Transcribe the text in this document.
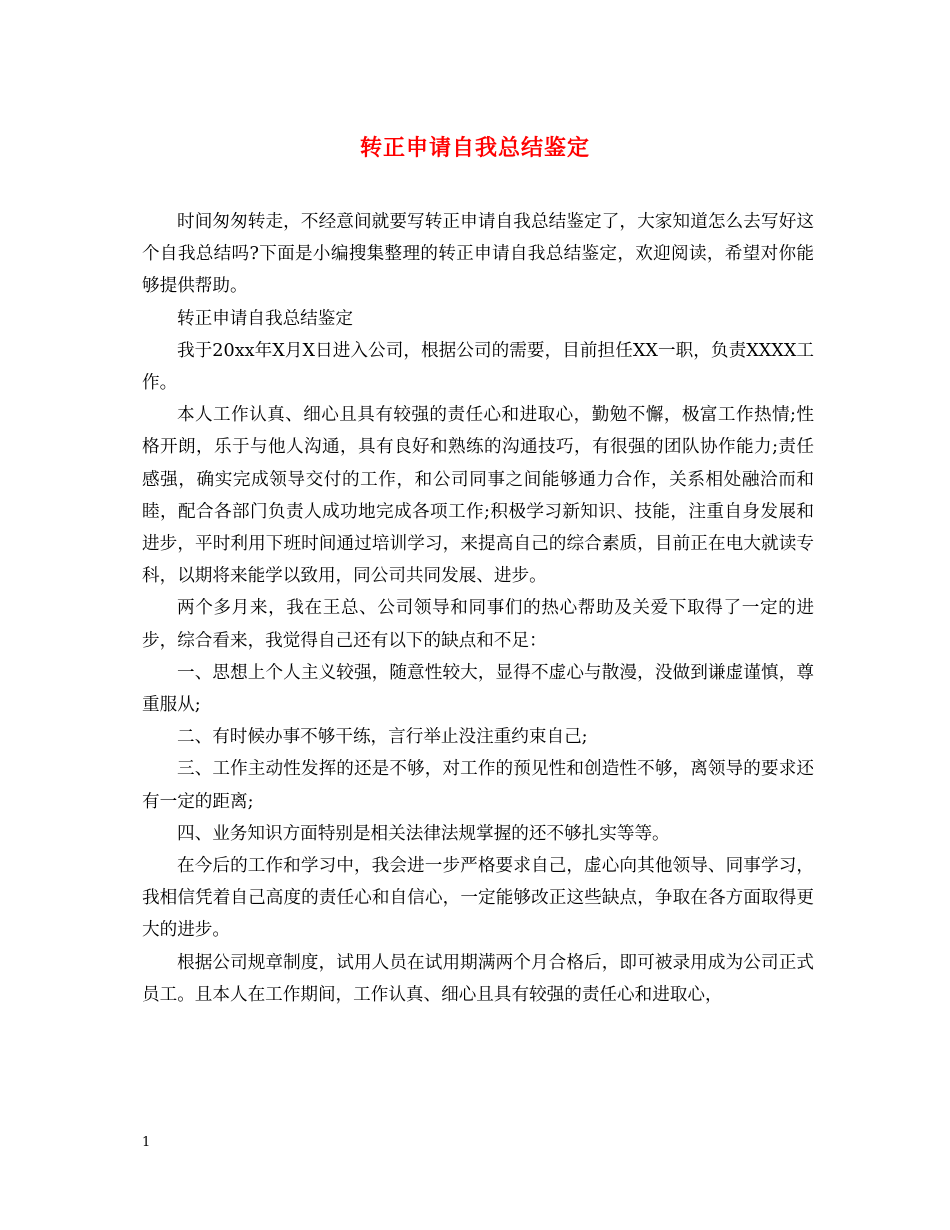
转正申请自我总结鉴定

时间匆匆转走，不经意间就要写转正申请自我总结鉴定了，大家知道怎么去写好这个自我总结吗?下面是小编搜集整理的转正申请自我总结鉴定，欢迎阅读，希望对你能够提供帮助。

转正申请自我总结鉴定

我于20xx年X月X日进入公司，根据公司的需要，目前担任XX一职，负责XXXX工作。

本人工作认真、细心且具有较强的责任心和进取心，勤勉不懈，极富工作热情;性格开朗，乐于与他人沟通，具有良好和熟练的沟通技巧，有很强的团队协作能力;责任感强，确实完成领导交付的工作，和公司同事之间能够通力合作，关系相处融洽而和睦，配合各部门负责人成功地完成各项工作;积极学习新知识、技能，注重自身发展和进步，平时利用下班时间通过培训学习，来提高自己的综合素质，目前正在电大就读专科，以期将来能学以致用，同公司共同发展、进步。

两个多月来，我在王总、公司领导和同事们的热心帮助及关爱下取得了一定的进步，综合看来，我觉得自己还有以下的缺点和不足：

一、思想上个人主义较强，随意性较大，显得不虚心与散漫，没做到谦虚谨慎，尊重服从;

二、有时候办事不够干练，言行举止没注重约束自己;

三、工作主动性发挥的还是不够，对工作的预见性和创造性不够，离领导的要求还有一定的距离;

四、业务知识方面特别是相关法律法规掌握的还不够扎实等等。

在今后的工作和学习中，我会进一步严格要求自己，虚心向其他领导、同事学习，我相信凭着自己高度的责任心和自信心，一定能够改正这些缺点，争取在各方面取得更大的进步。

根据公司规章制度，试用人员在试用期满两个月合格后，即可被录用成为公司正式员工。且本人在工作期间，工作认真、细心且具有较强的责任心和进取心，

1
